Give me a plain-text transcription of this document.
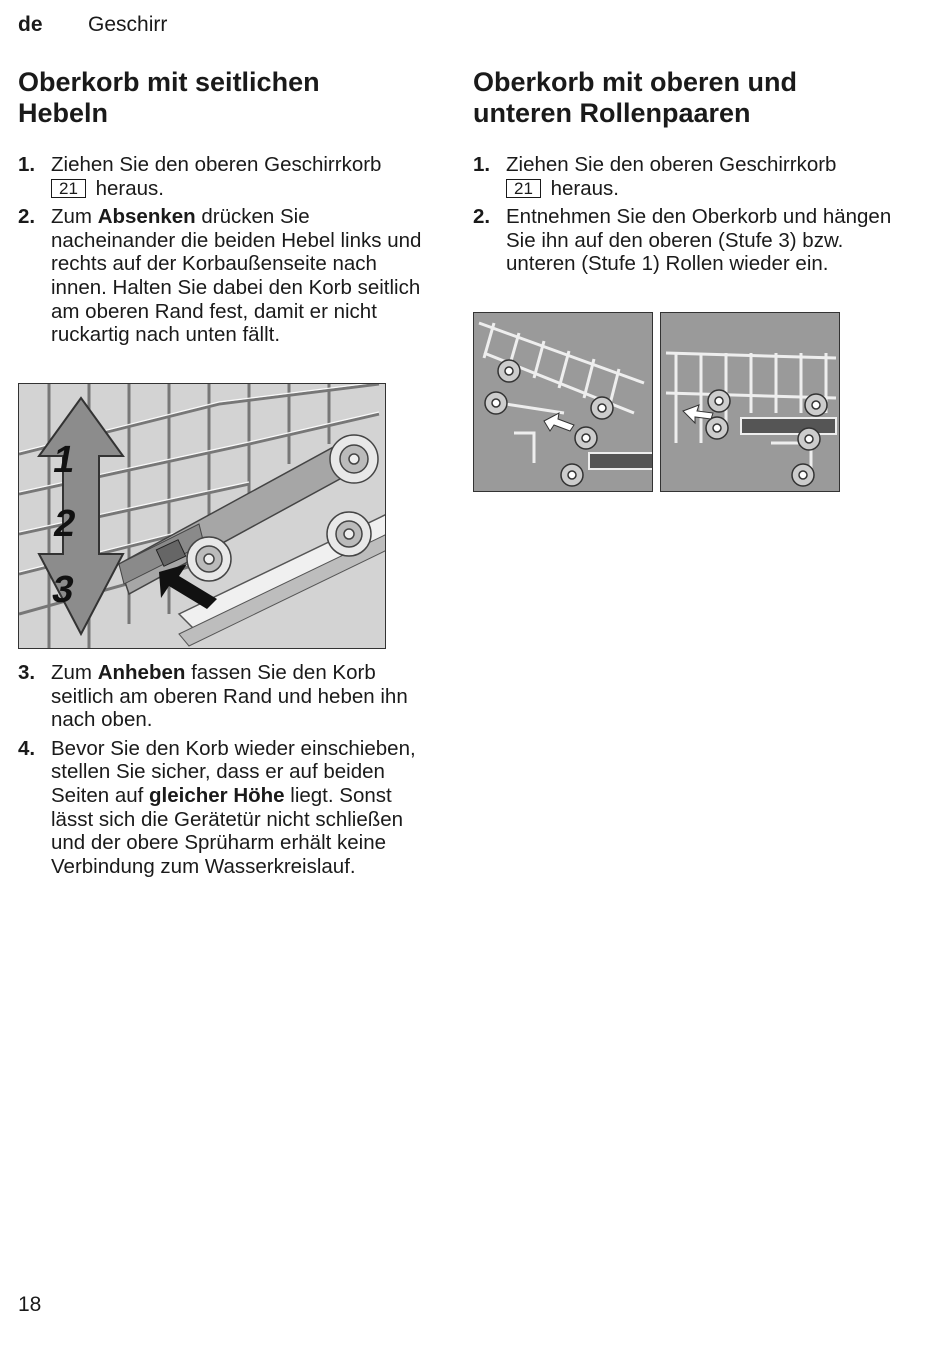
de Geschirr
Oberkorb mit seitlichen
Hebeln
1. Ziehen Sie den oberen Geschirrkorb
21 heraus.
2. Zum Absenken drücken Sie nacheinander die beiden Hebel links und rechts auf der Korbaußenseite nach innen. Halten Sie dabei den Korb seitlich am oberen Rand fest, damit er nicht ruckartig nach unten fällt.
1
2
3
3. Zum Anheben fassen Sie den Korb seitlich am oberen Rand und heben ihn nach oben.
4. Bevor Sie den Korb wieder einschieben, stellen Sie sicher, dass er auf beiden Seiten auf gleicher Höhe liegt. Sonst lässt sich die Gerätetür nicht schließen und der obere Sprüharm erhält keine Verbindung zum Wasserkreislauf.
Oberkorb mit oberen und
unteren Rollenpaaren
1. Ziehen Sie den oberen Geschirrkorb
21 heraus.
2. Entnehmen Sie den Oberkorb und hängen Sie ihn auf den oberen (Stufe 3) bzw. unteren (Stufe 1) Rollen wieder ein.
18
